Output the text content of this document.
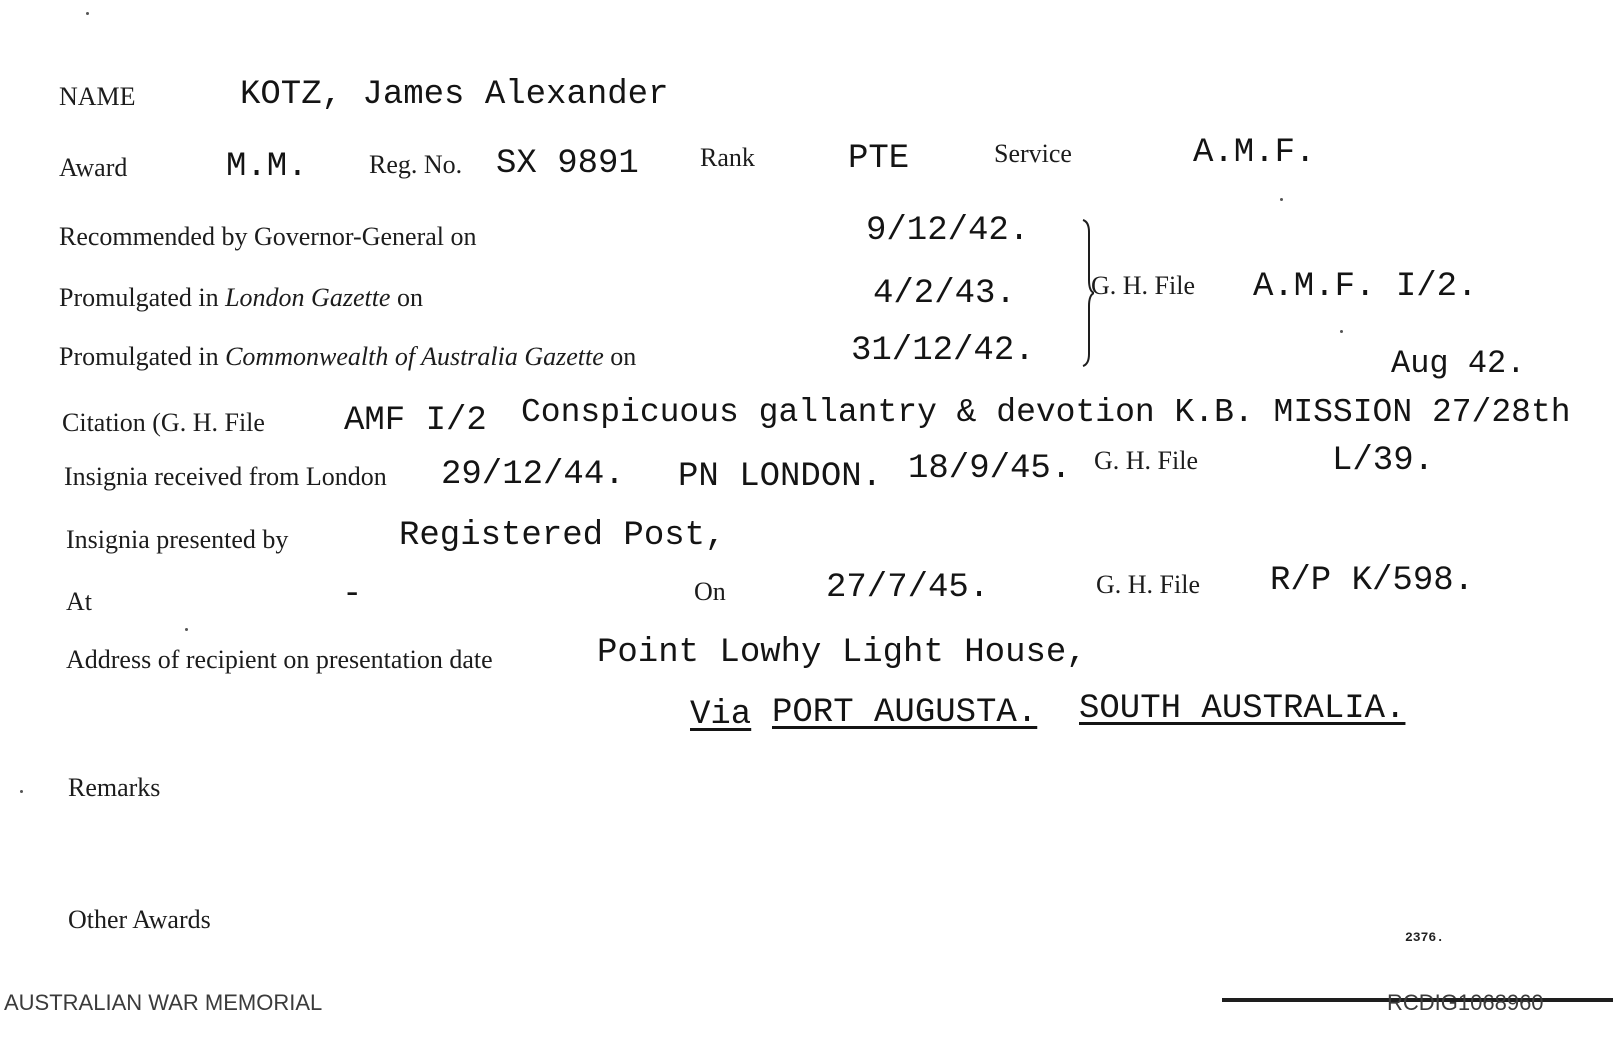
NAME	KOTZ, James Alexander
Award	M.M. Reg. No. SX 9891 Rank	PTE	Service	A.M.F.
Recommended by Governor-General on	9/12/42.
Promulgated in London Gazette on	4/2/43.
Promulgated in Commonwealth of Australia Gazette on	31/12/42.
G. H. File A.M.F. I/2.
Aug 42.
Citation (G. H. File AMF I/2 Conspicuous gallantry & devotion K.B. MISSION 27/28th
Insignia received from London 29/12/44. PN LONDON. 18/9/45. G. H. File	L/39.
Insignia presented by	Registered Post,
At	-	On	27/7/45.	G. H. File R/P K/598.
Address of recipient on presentation date	Point Lowhy Light House,
Via PORT AUGUSTA. SOUTH AUSTRALIA.
Remarks
Other Awards
2376.
AUSTRALIAN WAR MEMORIAL	RCDIG1068960
